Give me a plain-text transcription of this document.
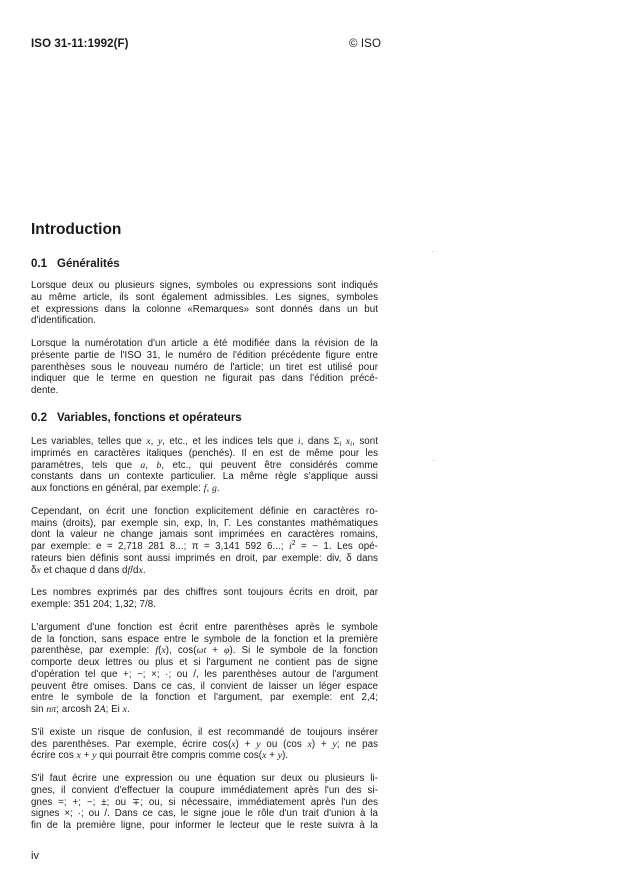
ISO 31-11:1992(F)	© ISO
Introduction
0.1 Généralités

Lorsque deux ou plusieurs signes, symboles ou expressions sont indiqués
au même article, ils sont également admissibles. Les signes, symboles
et expressions dans la colonne «Remarques» sont donnés dans un but
d'identification.

Lorsque la numérotation d'un article a été modifiée dans la révision de la
présente partie de l'ISO 31, le numéro de l'édition précédente figure entre
parenthèses sous le nouveau numéro de l'article; un tiret est utilisé pour
indiquer que le terme en question ne figurait pas dans l'édition précé-
dente.

0.2 Variables, fonctions et opérateurs

Les variables, telles que x, y, etc., et les indices tels que i, dans $\Sigma_i$ $x_i$, sont
imprimés en caractères italiques (penchés). Il en est de même pour les
paramètres, tels que a, b, etc., qui peuvent être considérés comme
constants dans un contexte particulier. La même règle s'applique aussi
aux fonctions en général, par exemple: f, g.

Cependant, on écrit une fonction explicitement définie en caractères ro-
mains (droits), par exemple sin, exp, ln, Γ. Les constantes mathématiques
dont la valeur ne change jamais sont imprimées en caractères romains,
par exemple: e = 2,718 281 8...; π = 3,141 592 6...; $i^2$ = − 1. Les opé-
rateurs bien définis sont aussi imprimés en droit, par exemple: div, δ dans
δx et chaque d dans df/dx.

Les nombres exprimés par des chiffres sont toujours écrits en droit, par
exemple: 351 204; 1,32; 7/8.

L'argument d'une fonction est écrit entre parenthèses après le symbole
de la fonction, sans espace entre le symbole de la fonction et la première
parenthèse, par exemple: f(x), cos(ωt + φ). Si le symbole de la fonction
comporte deux lettres ou plus et si l'argument ne contient pas de signe
d'opération tel que +; −; ×; ·; ou /, les parenthèses autour de l'argument
peuvent être omises. Dans ce cas, il convient de laisser un léger espace
entre le symbole de la fonction et l'argument, par exemple: ent 2,4;
sin nπ; arcosh 2A; Ei x.

S'il existe un risque de confusion, il est recommandé de toujours insérer
des parenthèses. Par exemple, écrire cos(x) + y ou (cos x) + y; ne pas
écrire cos x + y qui pourrait être compris comme cos(x + y).

S'il faut écrire une expression ou une équation sur deux ou plusieurs li-
gnes, il convient d'effectuer la coupure immédiatement après l'un des si-
gnes =; +; −; ±; ou ∓; ou, si nécessaire, immédiatement après l'un des
signes ×; ·; ou /. Dans ce cas, le signe joue le rôle d'un trait d'union à la
fin de la première ligne, pour informer le lecteur que le reste suivra à la

iv
